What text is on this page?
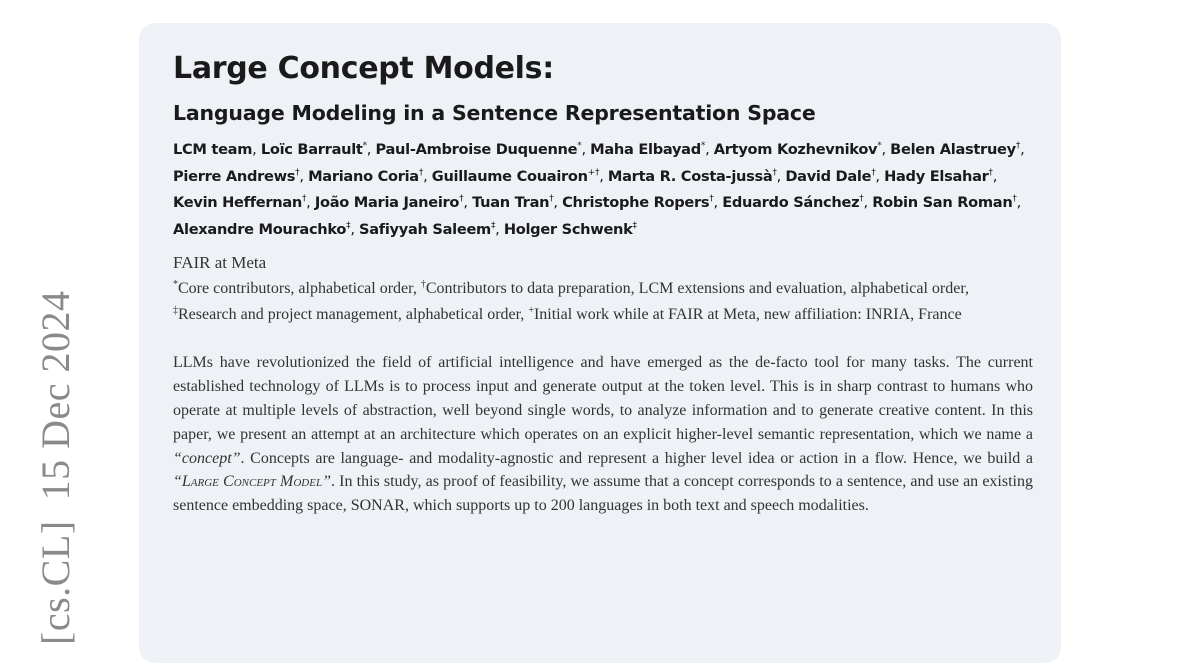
[cs.CL]15 Dec 2024
Large Concept Models:
Language Modeling in a Sentence Representation Space
LCM team, Loïc Barrault*, Paul-Ambroise Duquenne*, Maha Elbayad*, Artyom Kozhevnikov*, Belen Alastruey†, Pierre Andrews†, Mariano Coria†, Guillaume Couairon+†, Marta R. Costa-jussà†, David Dale†, Hady Elsahar†, Kevin Heffernan†, João Maria Janeiro†, Tuan Tran†, Christophe Ropers†, Eduardo Sánchez†, Robin San Roman†, Alexandre Mourachko‡, Safiyyah Saleem‡, Holger Schwenk‡
FAIR at Meta
*Core contributors, alphabetical order, †Contributors to data preparation, LCM extensions and evaluation, alphabetical order, ‡Research and project management, alphabetical order, +Initial work while at FAIR at Meta, new affiliation: INRIA, France
LLMs have revolutionized the field of artificial intelligence and have emerged as the de-facto tool for many tasks. The current established technology of LLMs is to process input and generate output at the token level. This is in sharp contrast to humans who operate at multiple levels of abstraction, well beyond single words, to analyze information and to generate creative content. In this paper, we present an attempt at an architecture which operates on an explicit higher-level semantic representation, which we name a “concept”. Concepts are language- and modality-agnostic and represent a higher level idea or action in a flow. Hence, we build a “Large Concept Model”. In this study, as proof of feasibility, we assume that a concept corresponds to a sentence, and use an existing sentence embedding space, SONAR, which supports up to 200 languages in both text and speech modalities.
